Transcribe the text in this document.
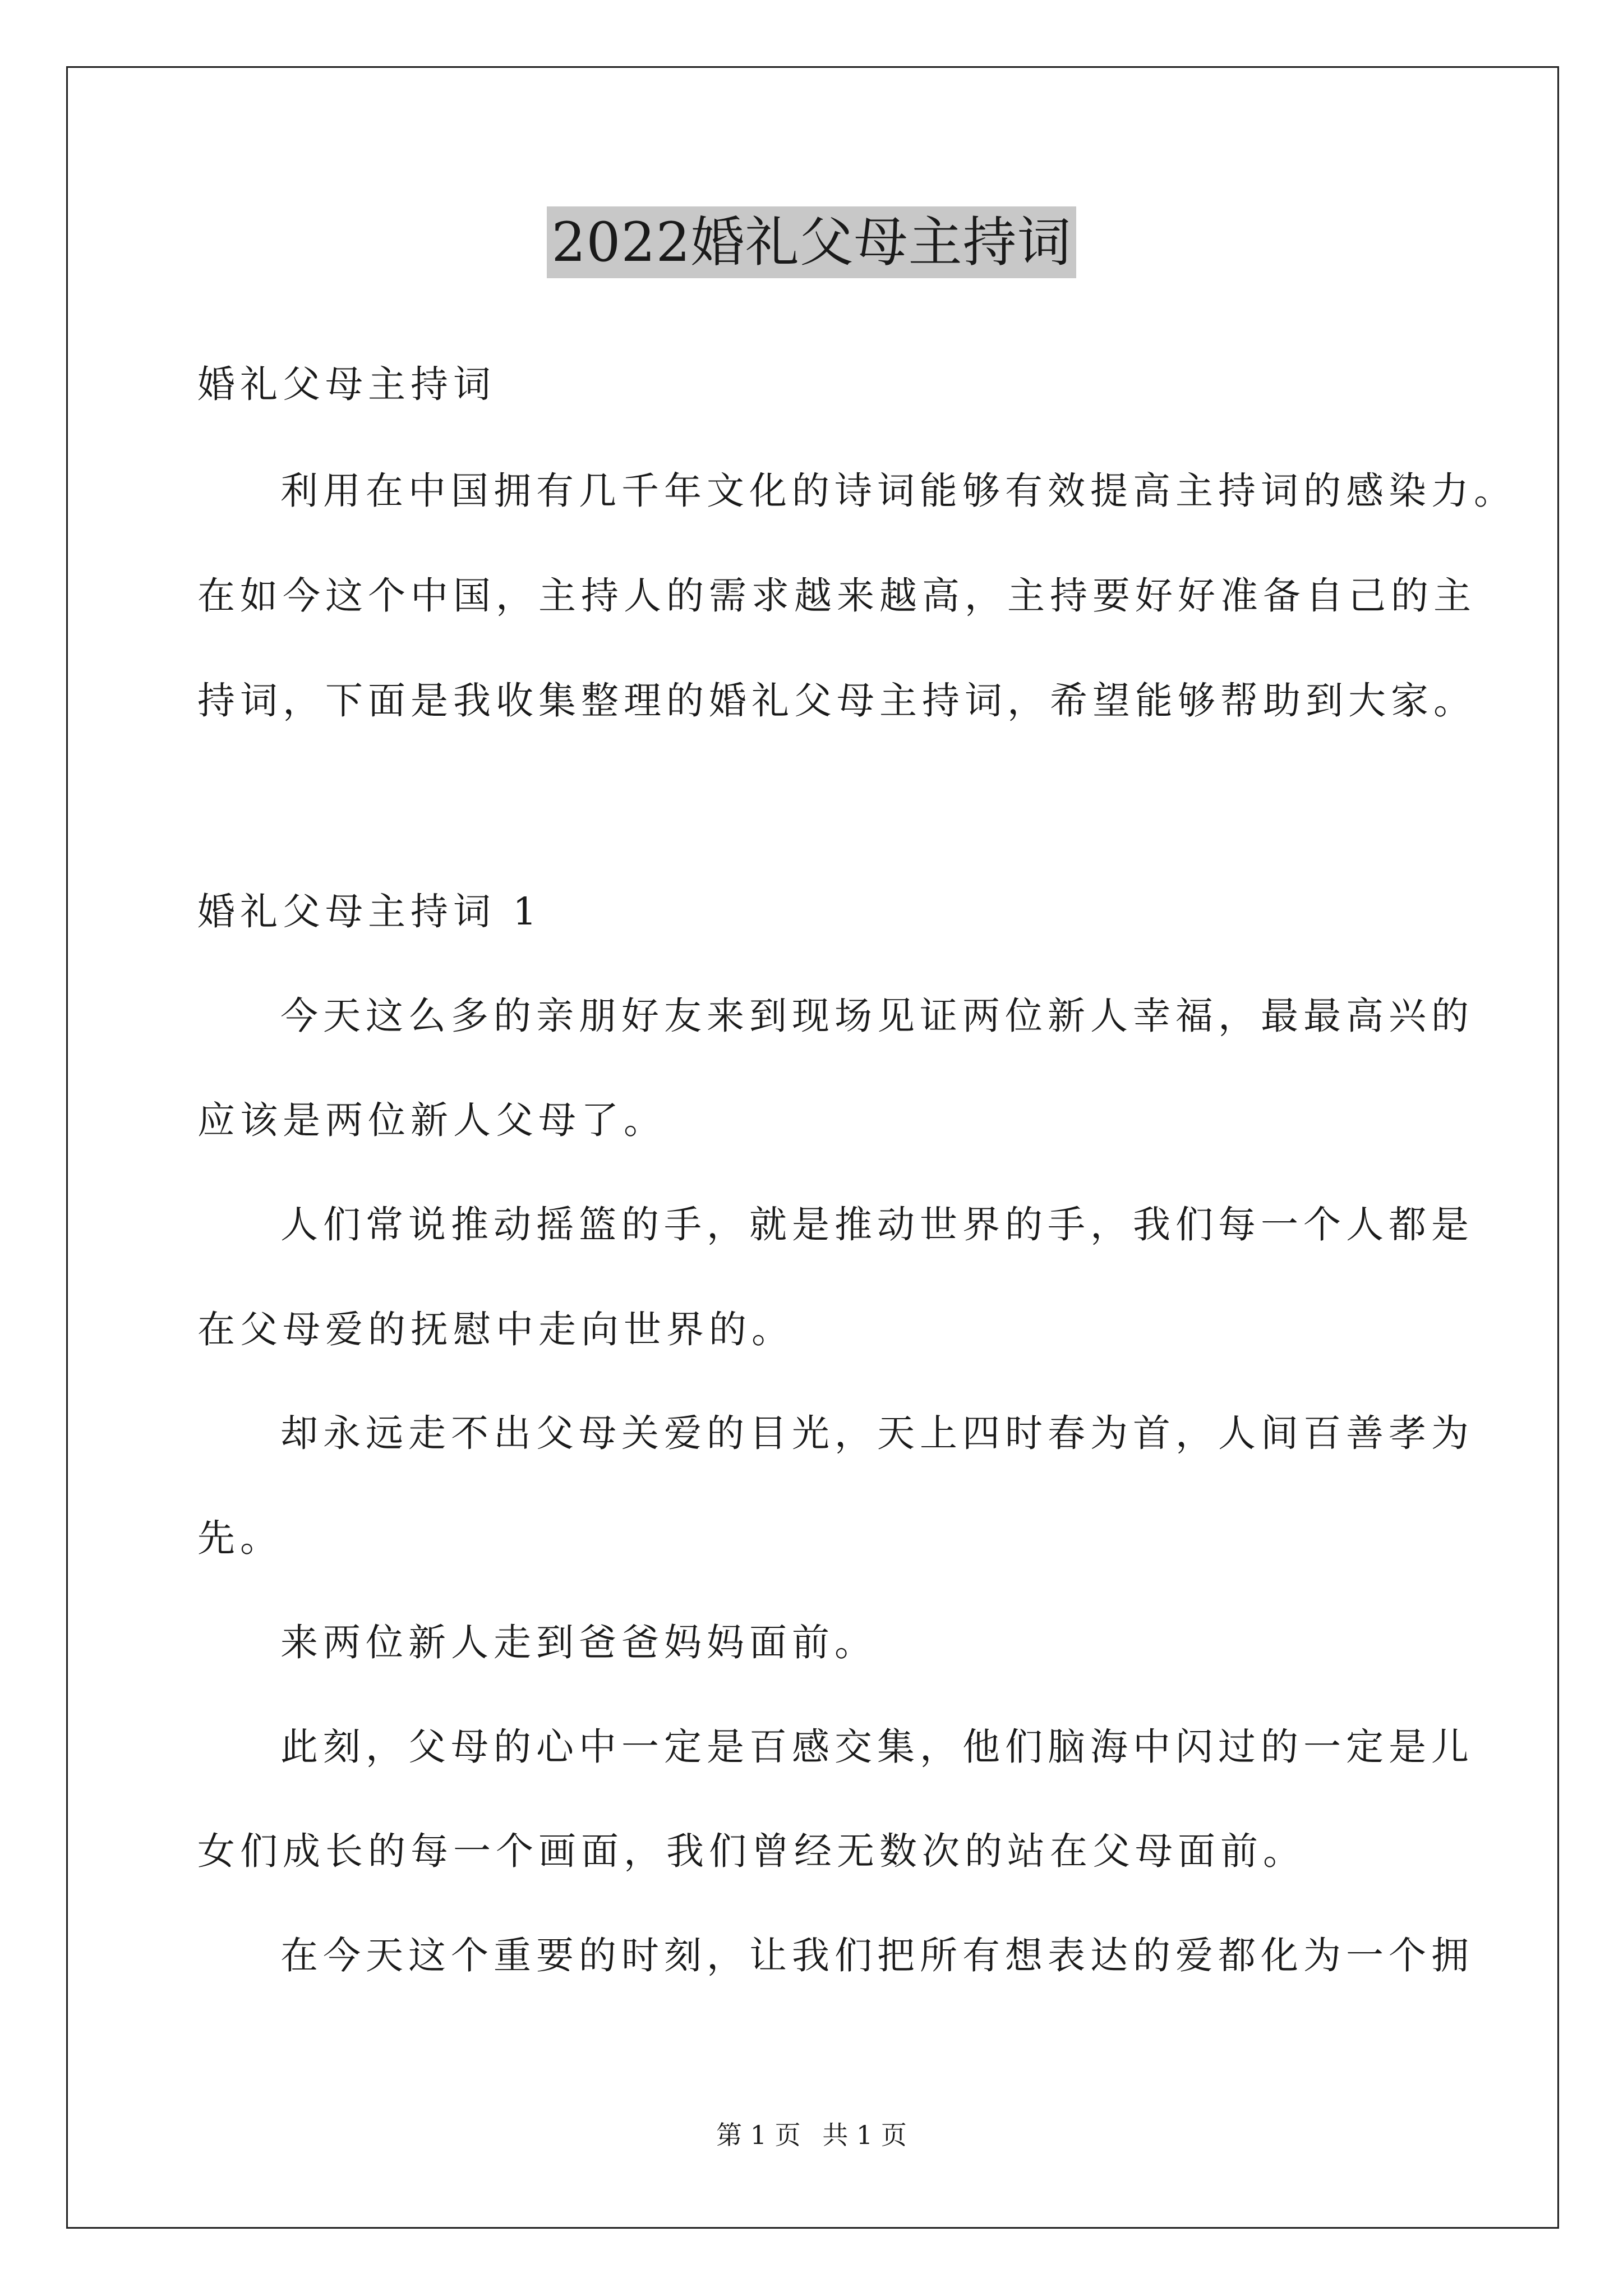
2022婚礼父母主持词

婚礼父母主持词

利用在中国拥有几千年文化的诗词能够有效提高主持词的感染力。

在如今这个中国，主持人的需求越来越高，主持要好好准备自己的主

持词，下面是我收集整理的婚礼父母主持词，希望能够帮助到大家。

婚礼父母主持词 1

今天这么多的亲朋好友来到现场见证两位新人幸福，最最高兴的

应该是两位新人父母了。

人们常说推动摇篮的手，就是推动世界的手，我们每一个人都是

在父母爱的抚慰中走向世界的。

却永远走不出父母关爱的目光，天上四时春为首，人间百善孝为

先。

来两位新人走到爸爸妈妈面前。

此刻，父母的心中一定是百感交集，他们脑海中闪过的一定是儿

女们成长的每一个画面，我们曾经无数次的站在父母面前。

在今天这个重要的时刻，让我们把所有想表达的爱都化为一个拥

第 1 页 共 1 页
